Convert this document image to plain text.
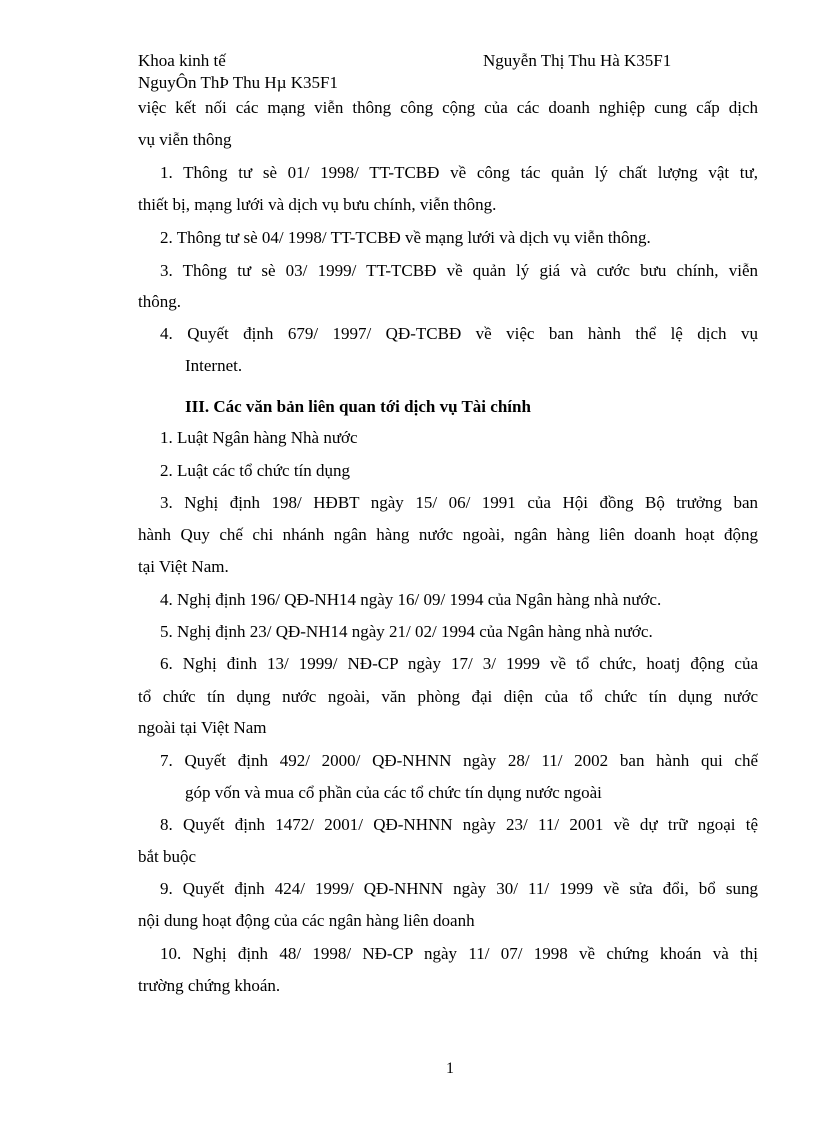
Khoa kinh tế	Nguyễn Thị Thu Hà K35F1
NguyÔn ThÞ Thu Hµ K35F1
việc kết nối các mạng viễn thông công cộng của các doanh nghiệp cung cấp dịch
vụ viễn thông
1. Thông tư sè 01/ 1998/ TT-TCBĐ về công tác quản lý chất lượng vật tư,
thiết bị, mạng lưới và dịch vụ bưu chính, viễn thông.
2. Thông tư sè 04/ 1998/ TT-TCBĐ về mạng lưới và dịch vụ viễn thông.
3. Thông tư sè 03/ 1999/ TT-TCBĐ về quản lý giá và cước bưu chính, viễn
thông.
4. Quyết định 679/ 1997/ QĐ-TCBĐ về việc ban hành thể lệ dịch vụ
Internet.
III. Các văn bản liên quan tới dịch vụ Tài chính
1. Luật Ngân hàng Nhà nước
2. Luật các tổ chức tín dụng
3. Nghị định 198/ HĐBT ngày 15/ 06/ 1991 của Hội đồng Bộ trưởng ban
hành Quy chế chi nhánh ngân hàng nước ngoài, ngân hàng liên doanh hoạt động
tại Việt Nam.
4. Nghị định 196/ QĐ-NH14 ngày 16/ 09/ 1994 của Ngân hàng nhà nước.
5. Nghị định 23/ QĐ-NH14 ngày 21/ 02/ 1994 của Ngân hàng nhà nước.
6. Nghị đinh 13/ 1999/ NĐ-CP ngày 17/ 3/ 1999 về tổ chức, hoatj động của
tổ chức tín dụng nước ngoài, văn phòng đại diện của tổ chức tín dụng nước
ngoài tại Việt Nam
7. Quyết định 492/ 2000/ QĐ-NHNN ngày 28/ 11/ 2002 ban hành qui chế
góp vốn và mua cổ phần của các tổ chức tín dụng nước ngoài
8. Quyết định 1472/ 2001/ QĐ-NHNN ngày 23/ 11/ 2001 về dự trữ ngoại tệ
bắt buộc
9. Quyết định 424/ 1999/ QĐ-NHNN ngày 30/ 11/ 1999 về sửa đổi, bổ sung
nội dung hoạt động của các ngân hàng liên doanh
10. Nghị định 48/ 1998/ NĐ-CP ngày 11/ 07/ 1998 về chứng khoán và thị
trường chứng khoán.
1
